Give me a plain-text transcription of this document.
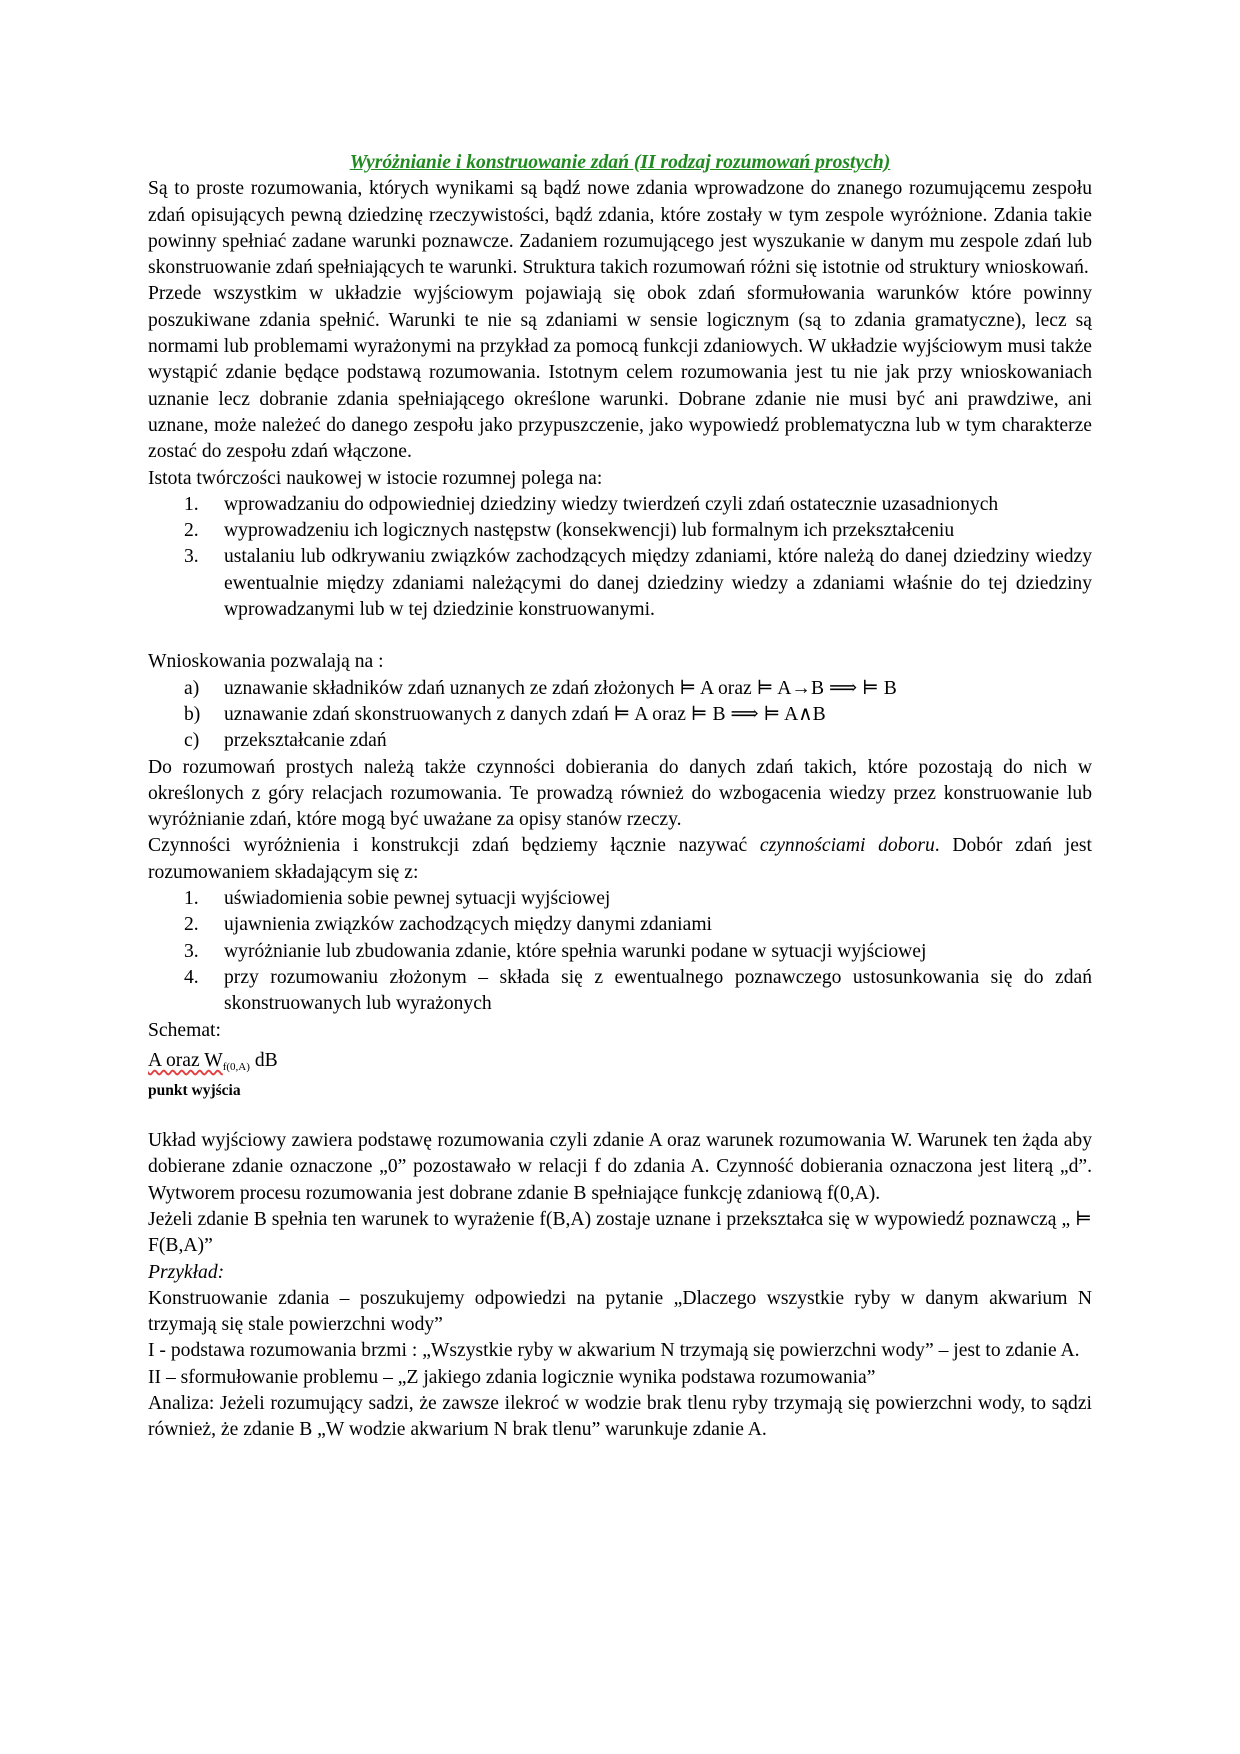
Wyróżnianie i konstruowanie zdań (II rodzaj rozumowań prostych)

Są to proste rozumowania, których wynikami są bądź nowe zdania wprowadzone do znanego rozumującemu zespołu zdań opisujących pewną dziedzinę rzeczywistości, bądź zdania, które zostały w tym zespole wyróżnione. Zdania takie powinny spełniać zadane warunki poznawcze. Zadaniem rozumującego jest wyszukanie w danym mu zespole zdań lub skonstruowanie zdań spełniających te warunki. Struktura takich rozumowań różni się istotnie od struktury wnioskowań.

Przede wszystkim w układzie wyjściowym pojawiają się obok zdań sformułowania warunków które powinny poszukiwane zdania spełnić. Warunki te nie są zdaniami w sensie logicznym (są to zdania gramatyczne), lecz są normami lub problemami wyrażonymi na przykład za pomocą funkcji zdaniowych. W układzie wyjściowym musi także wystąpić zdanie będące podstawą rozumowania. Istotnym celem rozumowania jest tu nie jak przy wnioskowaniach uznanie lecz dobranie zdania spełniającego określone warunki. Dobrane zdanie nie musi być ani prawdziwe, ani uznane, może należeć do danego zespołu jako przypuszczenie, jako wypowiedź problematyczna lub w tym charakterze zostać do zespołu zdań włączone.

Istota twórczości naukowej w istocie rozumnej polega na:

1. wprowadzaniu do odpowiedniej dziedziny wiedzy twierdzeń czyli zdań ostatecznie uzasadnionych
2. wyprowadzeniu ich logicznych następstw (konsekwencji) lub formalnym ich przekształceniu
3. ustalaniu lub odkrywaniu związków zachodzących między zdaniami, które należą do danej dziedziny wiedzy ewentualnie między zdaniami należącymi do danej dziedziny wiedzy a zdaniami właśnie do tej dziedziny wprowadzanymi lub w tej dziedzinie konstruowanymi.

Wnioskowania pozwalają na :

a) uznawanie składników zdań uznanych ze zdań złożonych ⊨ A oraz ⊨ A→B ⟹ ⊨ B
b) uznawanie zdań skonstruowanych z danych zdań ⊨ A oraz ⊨ B ⟹ ⊨ A∧B
c) przekształcanie zdań

Do rozumowań prostych należą także czynności dobierania do danych zdań takich, które pozostają do nich w określonych z góry relacjach rozumowania. Te prowadzą również do wzbogacenia wiedzy przez konstruowanie lub wyróżnianie zdań, które mogą być uważane za opisy stanów rzeczy.

Czynności wyróżnienia i konstrukcji zdań będziemy łącznie nazywać czynnościami doboru. Dobór zdań jest rozumowaniem składającym się z:

1. uświadomienia sobie pewnej sytuacji wyjściowej
2. ujawnienia związków zachodzących między danymi zdaniami
3. wyróżnianie lub zbudowania zdanie, które spełnia warunki podane w sytuacji wyjściowej
4. przy rozumowaniu złożonym – składa się z ewentualnego poznawczego ustosunkowania się do zdań skonstruowanych lub wyrażonych

Schemat:

A oraz $W_{f(0,A)}$ dB

punkt wyjścia

Układ wyjściowy zawiera podstawę rozumowania czyli zdanie A oraz warunek rozumowania W. Warunek ten żąda aby dobierane zdanie oznaczone „0” pozostawało w relacji f do zdania A. Czynność dobierania oznaczona jest literą „d”. Wytworem procesu rozumowania jest dobrane zdanie B spełniające funkcję zdaniową f(0,A).

Jeżeli zdanie B spełnia ten warunek to wyrażenie f(B,A) zostaje uznane i przekształca się w wypowiedź poznawczą „ ⊨ F(B,A)”

Przykład:

Konstruowanie zdania – poszukujemy odpowiedzi na pytanie „Dlaczego wszystkie ryby w danym akwarium N trzymają się stale powierzchni wody”

I - podstawa rozumowania brzmi : „Wszystkie ryby w akwarium N trzymają się powierzchni wody” – jest to zdanie A.

II – sformułowanie problemu – „Z jakiego zdania logicznie wynika podstawa rozumowania”

Analiza: Jeżeli rozumujący sadzi, że zawsze ilekroć w wodzie brak tlenu ryby trzymają się powierzchni wody, to sądzi również, że zdanie B „W wodzie akwarium N brak tlenu” warunkuje zdanie A.
